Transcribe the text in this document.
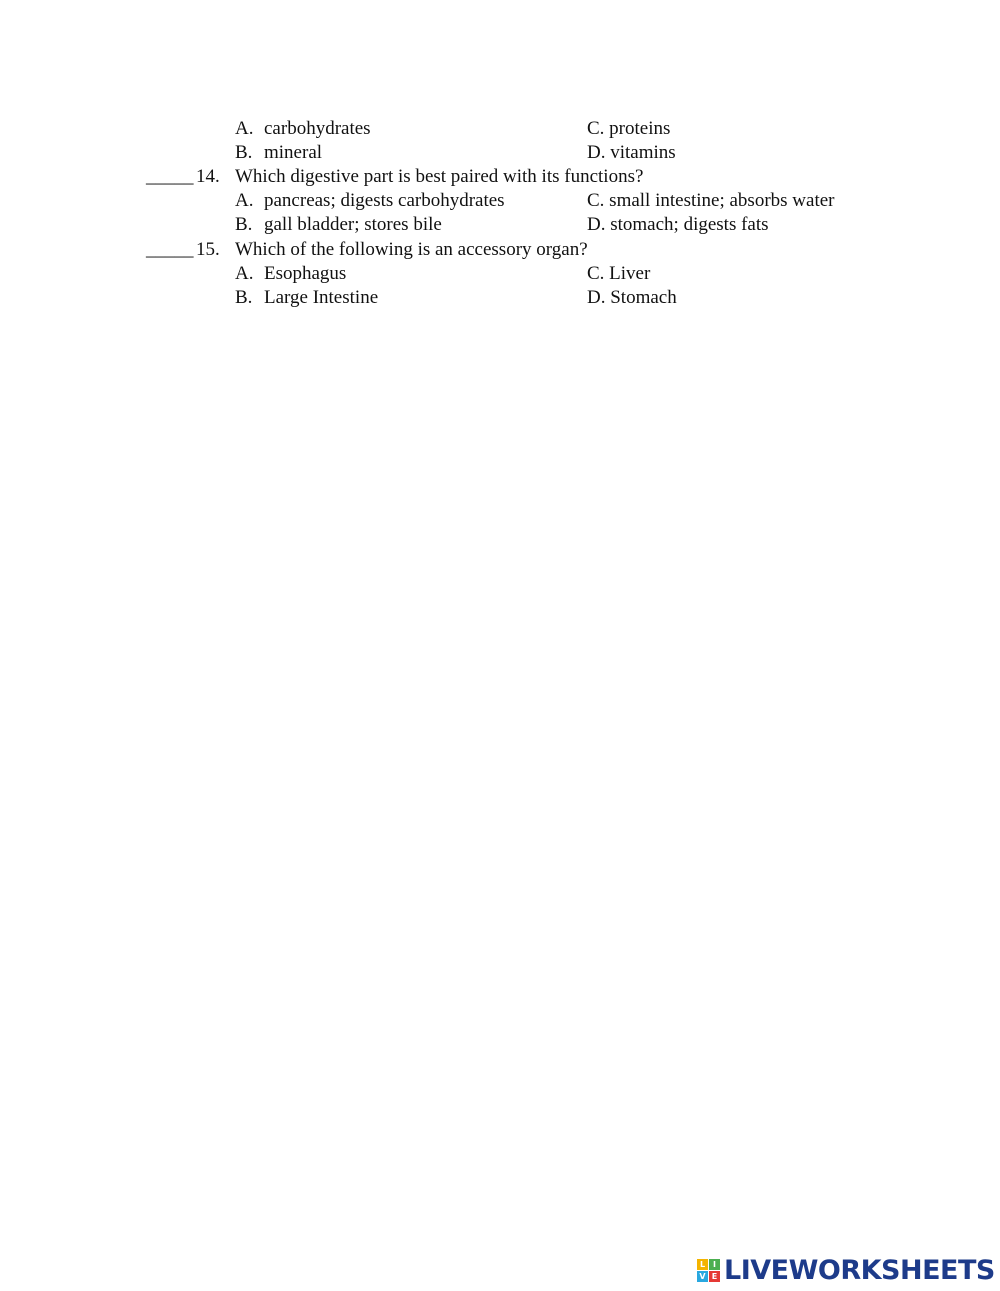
A. carbohydrates	C. proteins
B. mineral	D. vitamins
_____ 14. Which digestive part is best paired with its functions?
A. pancreas; digests carbohydrates	C. small intestine; absorbs water
B. gall bladder; stores bile	D. stomach; digests fats
_____ 15. Which of the following is an accessory organ?
A. Esophagus	C. Liver
B. Large Intestine	D. Stomach
L I
V E LIVEWORKSHEETS
